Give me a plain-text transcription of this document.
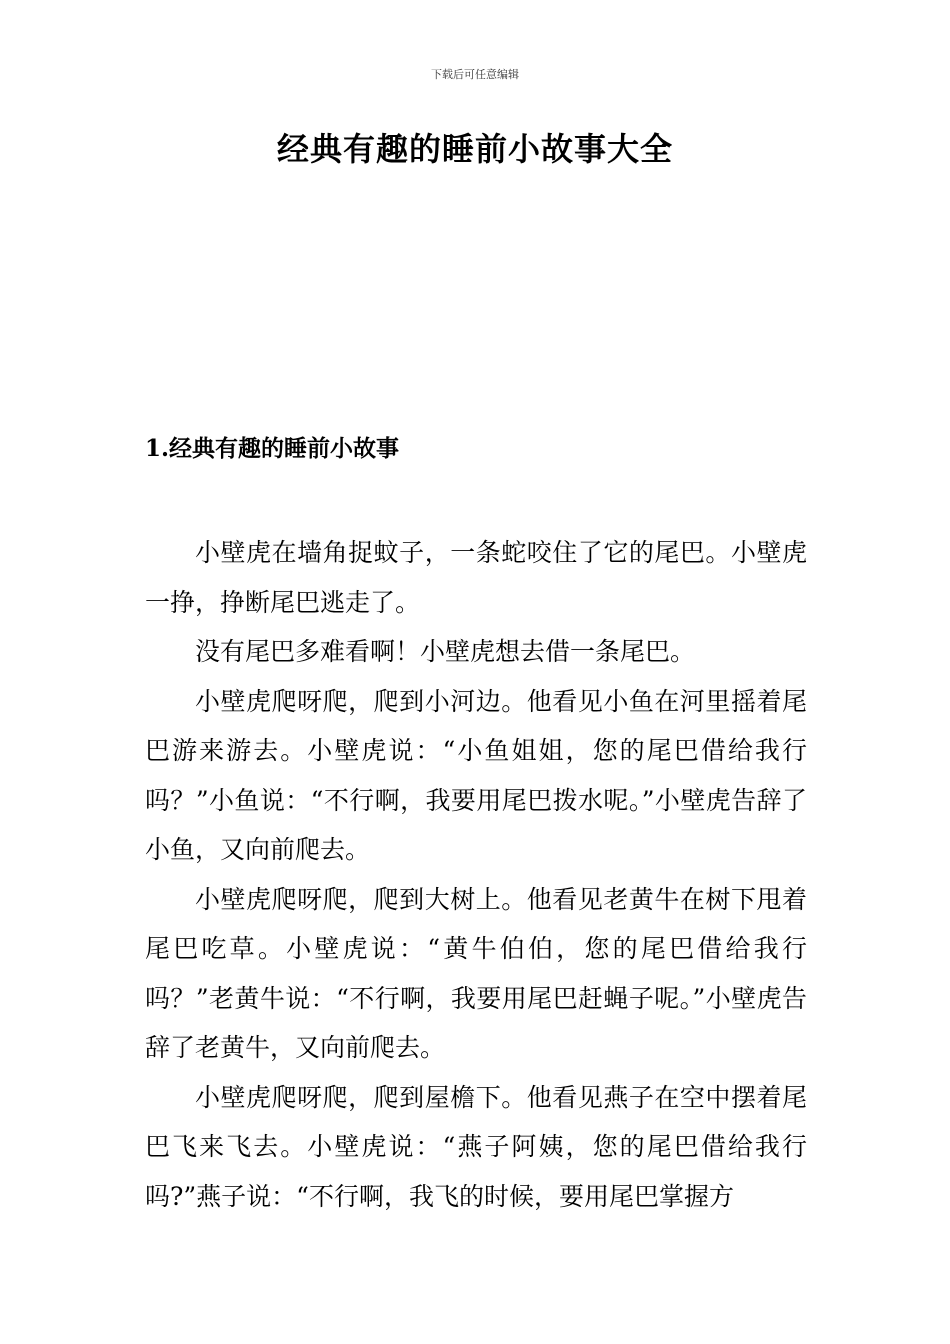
下载后可任意编辑
经典有趣的睡前小故事大全
1.经典有趣的睡前小故事

小壁虎在墙角捉蚊子，一条蛇咬住了它的尾巴。小壁虎一挣，挣断尾巴逃走了。

没有尾巴多难看啊！小壁虎想去借一条尾巴。

小壁虎爬呀爬，爬到小河边。他看见小鱼在河里摇着尾巴游来游去。小壁虎说：“小鱼姐姐，您的尾巴借给我行吗？”小鱼说：“不行啊，我要用尾巴拨水呢。”小壁虎告辞了小鱼，又向前爬去。

小壁虎爬呀爬，爬到大树上。他看见老黄牛在树下甩着尾巴吃草。小壁虎说：“黄牛伯伯，您的尾巴借给我行吗？”老黄牛说：“不行啊，我要用尾巴赶蝇子呢。”小壁虎告辞了老黄牛，又向前爬去。

小壁虎爬呀爬，爬到屋檐下。他看见燕子在空中摆着尾巴飞来飞去。小壁虎说：“燕子阿姨，您的尾巴借给我行吗?”燕子说：“不行啊，我飞的时候，要用尾巴掌握方
